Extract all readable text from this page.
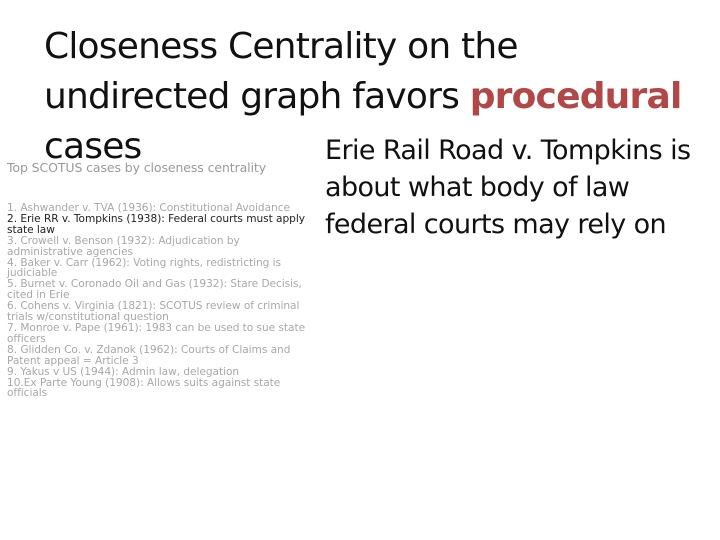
Closeness Centrality on the undirected graph favors procedural cases

Top SCOTUS cases by closeness centrality

1. Ashwander v. TVA (1936): Constitutional Avoidance
2. Erie RR v. Tompkins (1938): Federal courts must apply state law
3. Crowell v. Benson (1932): Adjudication by administrative agencies
4. Baker v. Carr (1962): Voting rights, redistricting is judiciable
5. Burnet v. Coronado Oil and Gas (1932): Stare Decisis, cited in Erie
6. Cohens v. Virginia (1821): SCOTUS review of criminal trials w/constitutional question
7. Monroe v. Pape (1961): 1983 can be used to sue state officers
8. Glidden Co. v. Zdanok (1962): Courts of Claims and Patent appeal = Article 3
9. Yakus v US (1944): Admin law, delegation
10.Ex Parte Young (1908): Allows suits against state officials

Erie Rail Road v. Tompkins is about what body of law federal courts may rely on
